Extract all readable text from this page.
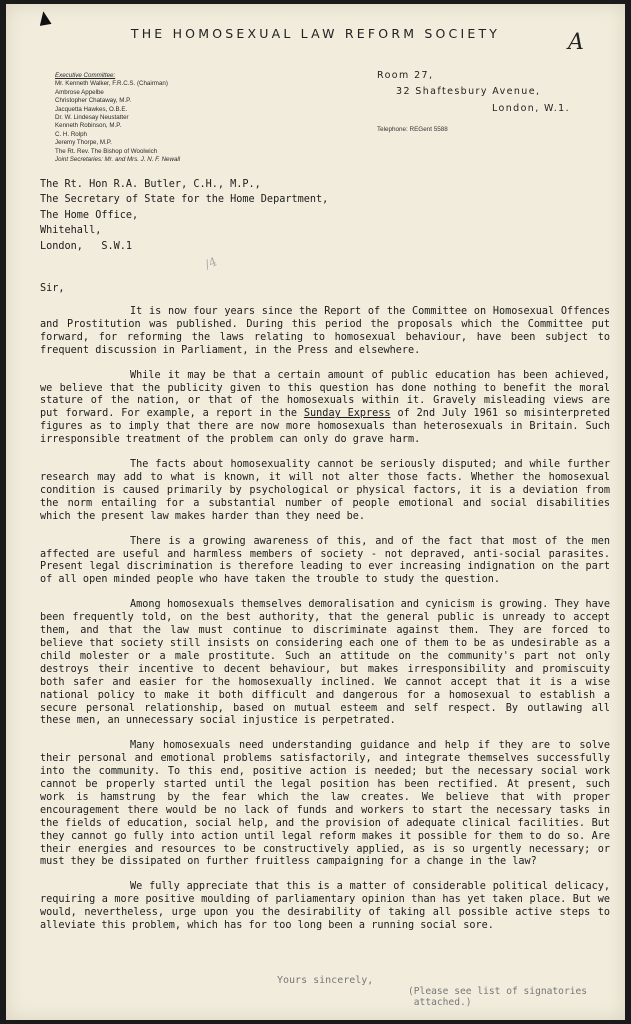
A
THE HOMOSEXUAL LAW REFORM SOCIETY
Executive Committee:
Mr. Kenneth Walker, F.R.C.S. (Chairman)
Ambrose Appelbe
Christopher Chataway, M.P.
Jacquetta Hawkes, O.B.E.
Dr. W. Lindesay Neustatter
Kenneth Robinson, M.P.
C. H. Rolph
Jeremy Thorpe, M.P.
The Rt. Rev. The Bishop of Woolwich
Joint Secretaries: Mr. and Mrs. J. N. F. Newall
Room 27,
32 Shaftesbury Avenue,
London, W.1.
Telephone: REGent 5588
/4
The Rt. Hon R.A. Butler, C.H., M.P.,
The Secretary of State for the Home Department,
The Home Office,
Whitehall,
London,   S.W.1
Sir,
It is now four years since the Report of the Committee on Homosexual Offences and Prostitution was published. During this period the proposals which the Committee put forward, for reforming the laws relating to homosexual behaviour, have been subject to frequent discussion in Parliament, in the Press and elsewhere.
While it may be that a certain amount of public education has been achieved, we believe that the publicity given to this question has done nothing to benefit the moral stature of the nation, or that of the homosexuals within it. Gravely misleading views are put forward. For example, a report in the Sunday Express of 2nd July 1961 so misinterpreted figures as to imply that there are now more homosexuals than heterosexuals in Britain. Such irresponsible treatment of the problem can only do grave harm.
The facts about homosexuality cannot be seriously disputed; and while further research may add to what is known, it will not alter those facts. Whether the homosexual condition is caused primarily by psychological or physical factors, it is a deviation from the norm entailing for a substantial number of people emotional and social disabilities which the present law makes harder than they need be.
There is a growing awareness of this, and of the fact that most of the men affected are useful and harmless members of society - not depraved, anti-social parasites. Present legal discrimination is therefore leading to ever increasing indignation on the part of all open minded people who have taken the trouble to study the question.
Among homosexuals themselves demoralisation and cynicism is growing. They have been frequently told, on the best authority, that the general public is unready to accept them, and that the law must continue to discriminate against them. They are forced to believe that society still insists on considering each one of them to be as undesirable as a child molester or a male prostitute. Such an attitude on the community's part not only destroys their incentive to decent behaviour, but makes irresponsibility and promiscuity both safer and easier for the homosexually inclined. We cannot accept that it is a wise national policy to make it both difficult and dangerous for a homosexual to establish a secure personal relationship, based on mutual esteem and self respect. By outlawing all these men, an unnecessary social injustice is perpetrated.
Many homosexuals need understanding guidance and help if they are to solve their personal and emotional problems satisfactorily, and integrate themselves successfully into the community. To this end, positive action is needed; but the necessary social work cannot be properly started until the legal position has been rectified. At present, such work is hamstrung by the fear which the law creates. We believe that with proper encouragement there would be no lack of funds and workers to start the necessary tasks in the fields of education, social help, and the provision of adequate clinical facilities. But they cannot go fully into action until legal reform makes it possible for them to do so. Are their energies and resources to be constructively applied, as is so urgently necessary; or must they be dissipated on further fruitless campaigning for a change in the law?
We fully appreciate that this is a matter of considerable political delicacy, requiring a more positive moulding of parliamentary opinion than has yet taken place. But we would, nevertheless, urge upon you the desirability of taking all possible active steps to alleviate this problem, which has for too long been a running social sore.
Yours sincerely,
(Please see list of signatories
attached.)
